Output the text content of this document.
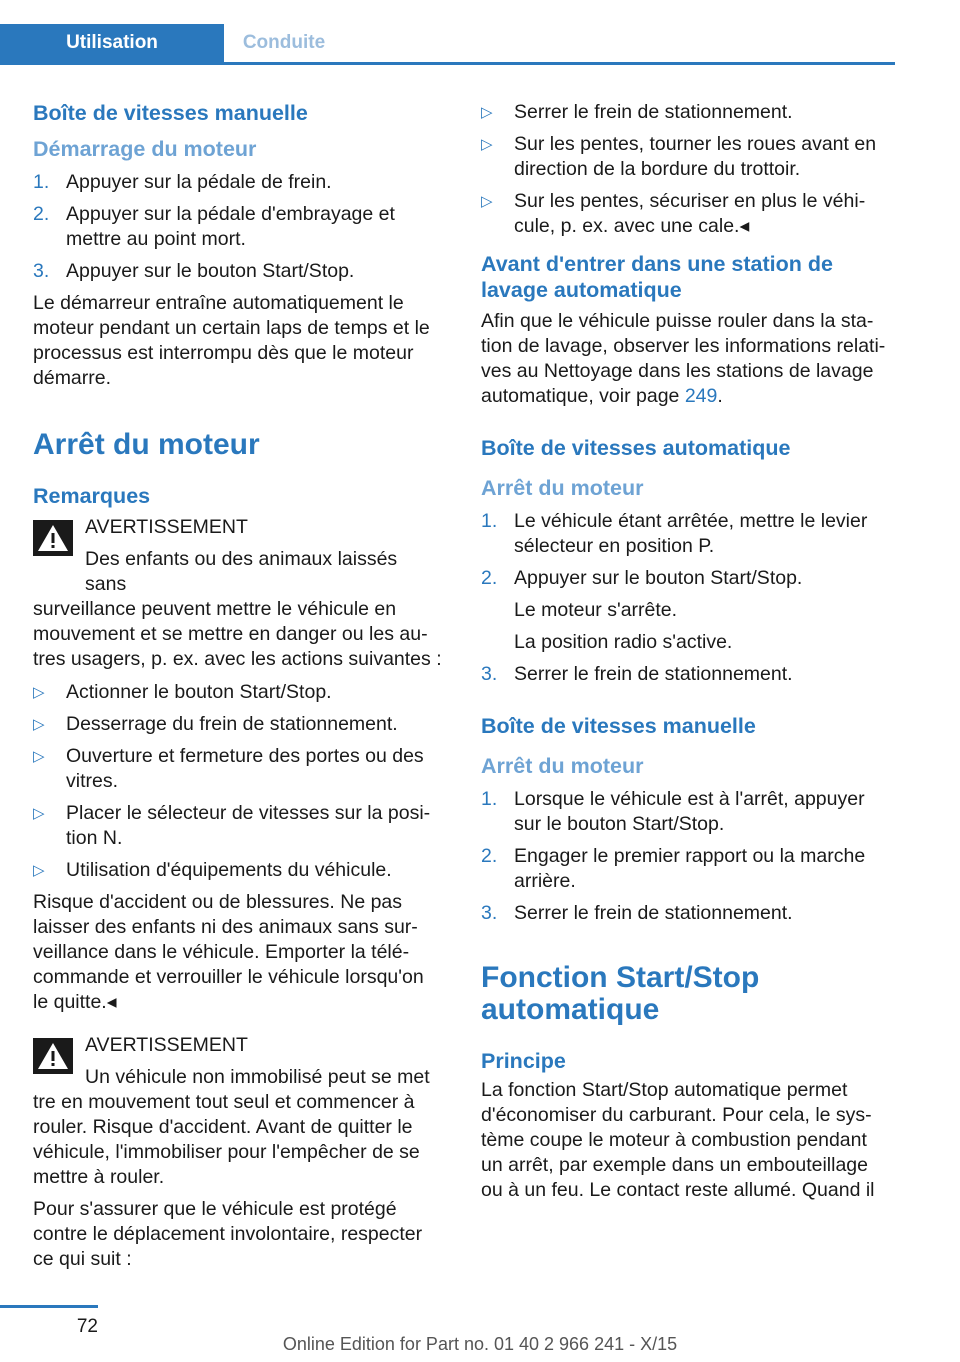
Utilisation	Conduite
Boîte de vitesses manuelle
Démarrage du moteur
1. Appuyer sur la pédale de frein.
2. Appuyer sur la pédale d'embrayage et mettre au point mort.
3. Appuyer sur le bouton Start/Stop.

Le démarreur entraîne automatiquement le moteur pendant un certain laps de temps et le processus est interrompu dès que le moteur démarre.

Arrêt du moteur
Remarques
AVERTISSEMENT
Des enfants ou des animaux laissés sans
surveillance peuvent mettre le véhicule en mouvement et se mettre en danger ou les autres usagers, p. ex. avec les actions suivantes :
▷ Actionner le bouton Start/Stop.
▷ Desserrage du frein de stationnement.
▷ Ouverture et fermeture des portes ou des vitres.
▷ Placer le sélecteur de vitesses sur la position N.
▷ Utilisation d'équipements du véhicule.

Risque d'accident ou de blessures. Ne pas laisser des enfants ni des animaux sans surveillance dans le véhicule. Emporter la télécommande et verrouiller le véhicule lorsqu'on le quitte.◂

AVERTISSEMENT
Un véhicule non immobilisé peut se met
tre en mouvement tout seul et commencer à rouler. Risque d'accident. Avant de quitter le véhicule, l'immobiliser pour l'empêcher de se mettre à rouler.

Pour s'assurer que le véhicule est protégé contre le déplacement involontaire, respecter ce qui suit :

▷ Serrer le frein de stationnement.
▷ Sur les pentes, tourner les roues avant en direction de la bordure du trottoir.
▷ Sur les pentes, sécuriser en plus le véhicule, p. ex. avec une cale.◂
Avant d'entrer dans une station de lavage automatique

Afin que le véhicule puisse rouler dans la station de lavage, observer les informations relatives au Nettoyage dans les stations de lavage automatique, voir page 249.

Boîte de vitesses automatique
Arrêt du moteur
1. Le véhicule étant arrêtée, mettre le levier sélecteur en position P.
2. Appuyer sur le bouton Start/Stop.
Le moteur s'arrête.
La position radio s'active.
3. Serrer le frein de stationnement.
Boîte de vitesses manuelle
Arrêt du moteur
1. Lorsque le véhicule est à l'arrêt, appuyer sur le bouton Start/Stop.
2. Engager le premier rapport ou la marche arrière.
3. Serrer le frein de stationnement.
Fonction Start/Stop automatique
Principe

La fonction Start/Stop automatique permet d'économiser du carburant. Pour cela, le système coupe le moteur à combustion pendant un arrêt, par exemple dans un embouteillage ou à un feu. Le contact reste allumé. Quand il

72
Online Edition for Part no. 01 40 2 966 241 - X/15
